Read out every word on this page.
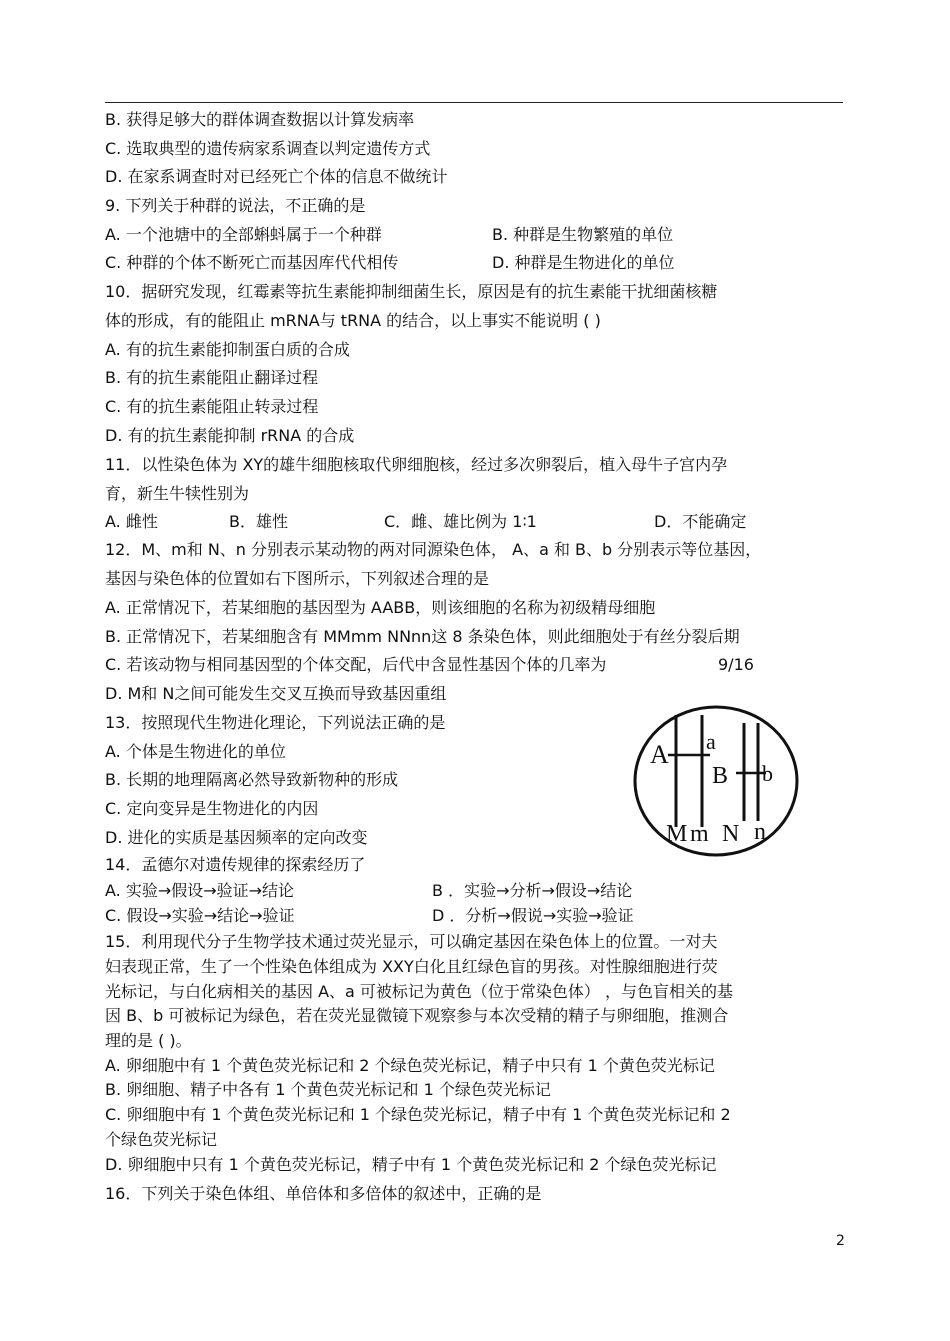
B. 获得足够大的群体调查数据以计算发病率
C. 选取典型的遗传病家系调查以判定遗传方式
D. 在家系调查时对已经死亡个体的信息不做统计
9. 下列关于种群的说法，不正确的是
A. 一个池塘中的全部蝌蚪属于一个种群	B. 种群是生物繁殖的单位
C. 种群的个体不断死亡而基因库代代相传	D. 种群是生物进化的单位
10．据研究发现，红霉素等抗生素能抑制细菌生长，原因是有的抗生素能干扰细菌核糖
体的形成，有的能阻止 mRNA与 tRNA 的结合，以上事实不能说明 ( )
A. 有的抗生素能抑制蛋白质的合成
B. 有的抗生素能阻止翻译过程
C. 有的抗生素能阻止转录过程
D. 有的抗生素能抑制 rRNA 的合成
11．以性染色体为 XY的雄牛细胞核取代卵细胞核，经过多次卵裂后，植入母牛子宫内孕
育，新生牛犊性别为
A. 雌性	B．雄性	C．雌、雄比例为 1∶1	D．不能确定
12．M、m和 N、n 分别表示某动物的两对同源染色体， A、a 和 B、b 分别表示等位基因，
基因与染色体的位置如右下图所示，下列叙述合理的是
A. 正常情况下，若某细胞的基因型为 AABB，则该细胞的名称为初级精母细胞
B. 正常情况下，若某细胞含有 MMmm NNnn这 8 条染色体，则此细胞处于有丝分裂后期
C. 若该动物与相同基因型的个体交配，后代中含显性基因个体的几率为	9/16
D. M和 N之间可能发生交叉互换而导致基因重组
13．按照现代生物进化理论，下列说法正确的是
A. 个体是生物进化的单位
B. 长期的地理隔离必然导致新物种的形成
C. 定向变异是生物进化的内因
D. 进化的实质是基因频率的定向改变
14．孟德尔对遗传规律的探索经历了
A. 实验→假设→验证→结论	B ．实验→分析→假设→结论
C. 假设→实验→结论→验证	D ．分析→假说→实验→验证
15．利用现代分子生物学技术通过荧光显示，可以确定基因在染色体上的位置。一对夫
妇表现正常，生了一个性染色体组成为 XXY白化且红绿色盲的男孩。对性腺细胞进行荧
光标记，与白化病相关的基因 A、a 可被标记为黄色（位于常染色体） ，与色盲相关的基
因 B、b 可被标记为绿色，若在荧光显微镜下观察参与本次受精的精子与卵细胞，推测合
理的是 ( )。
A. 卵细胞中有 1 个黄色荧光标记和 2 个绿色荧光标记，精子中只有 1 个黄色荧光标记
B. 卵细胞、精子中各有 1 个黄色荧光标记和 1 个绿色荧光标记
C. 卵细胞中有 1 个黄色荧光标记和 1 个绿色荧光标记，精子中有 1 个黄色荧光标记和 2
个绿色荧光标记
D. 卵细胞中只有 1 个黄色荧光标记，精子中有 1 个黄色荧光标记和 2 个绿色荧光标记
16．下列关于染色体组、单倍体和多倍体的叙述中，正确的是
A a
B b
M m N n
2
